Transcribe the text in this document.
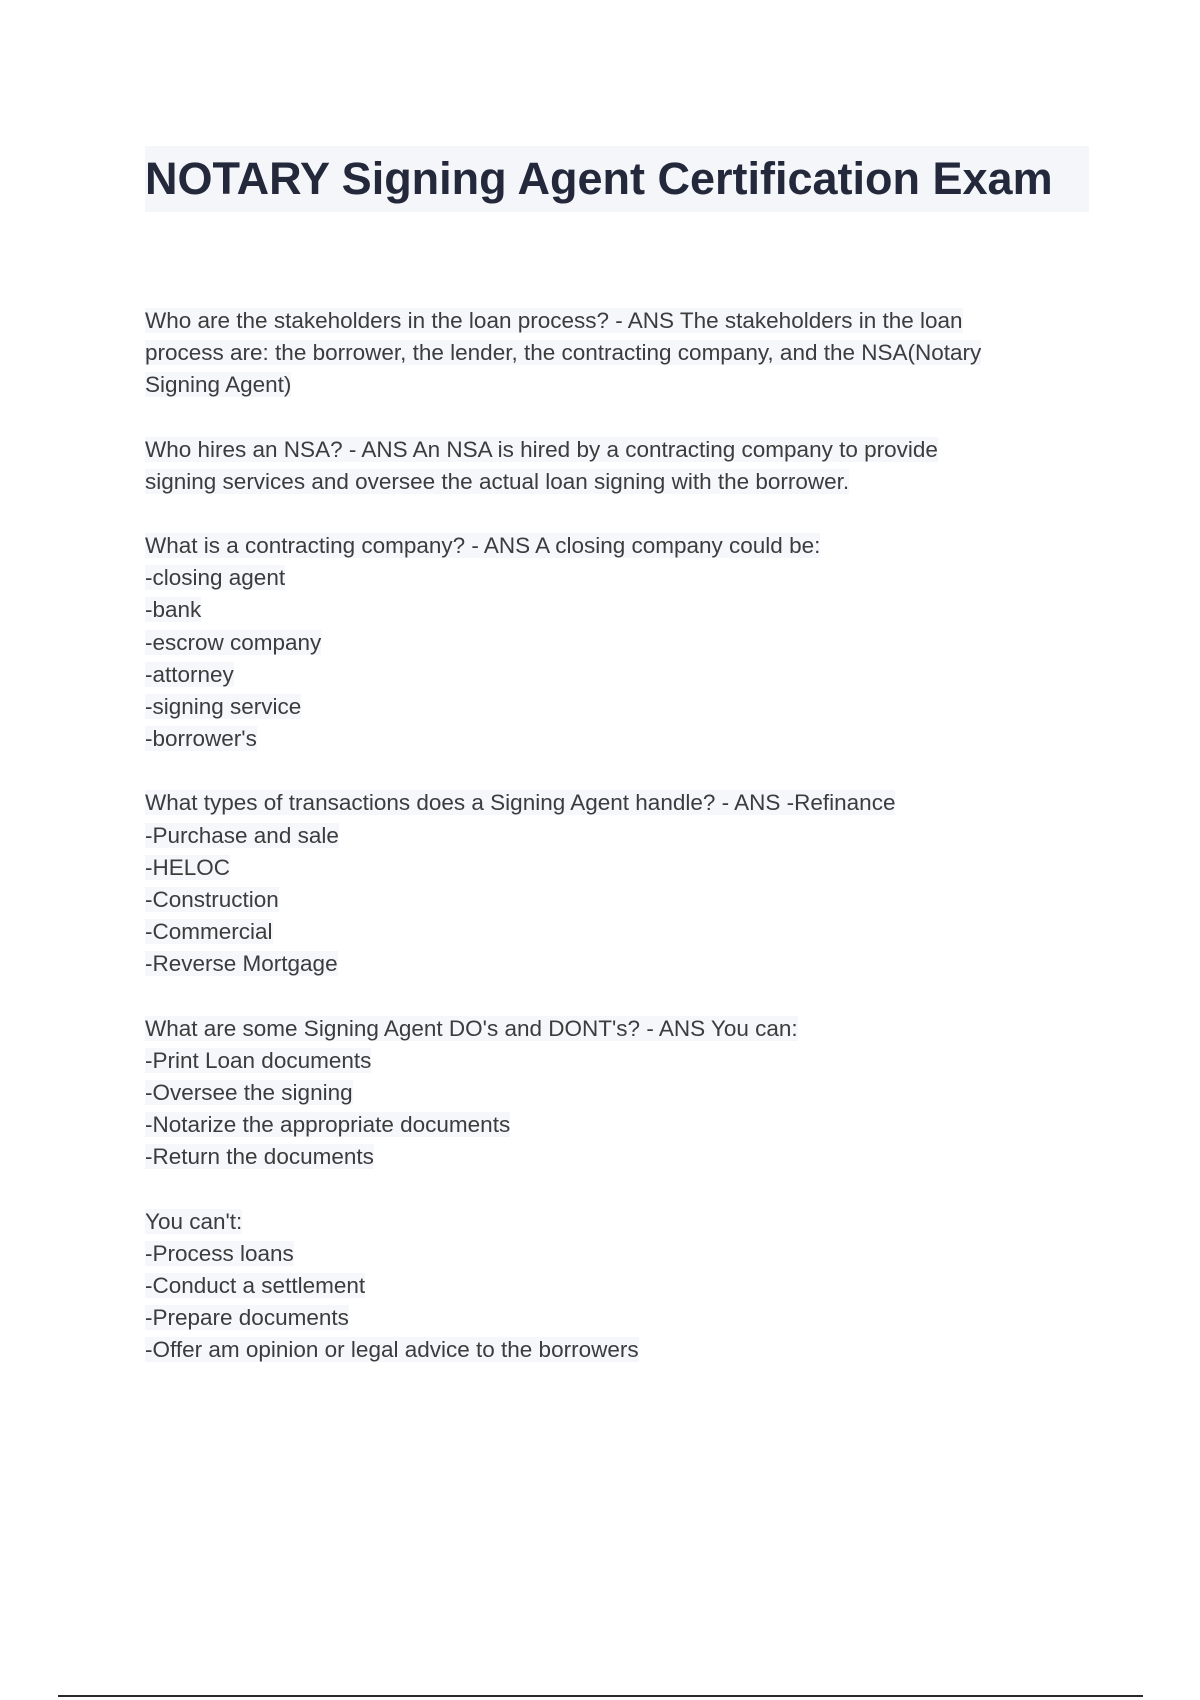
NOTARY Signing Agent Certification Exam
Who are the stakeholders in the loan process? - ANS The stakeholders in the loan
process are: the borrower, the lender, the contracting company, and the NSA(Notary
Signing Agent)
Who hires an NSA? - ANS An NSA is hired by a contracting company to provide
signing services and oversee the actual loan signing with the borrower.
What is a contracting company? - ANS A closing company could be:
-closing agent
-bank
-escrow company
-attorney
-signing service
-borrower's
What types of transactions does a Signing Agent handle? - ANS -Refinance
-Purchase and sale
-HELOC
-Construction
-Commercial
-Reverse Mortgage
What are some Signing Agent DO's and DONT's? - ANS You can:
-Print Loan documents
-Oversee the signing
-Notarize the appropriate documents
-Return the documents
You can't:
-Process loans
-Conduct a settlement
-Prepare documents
-Offer am opinion or legal advice to the borrowers
